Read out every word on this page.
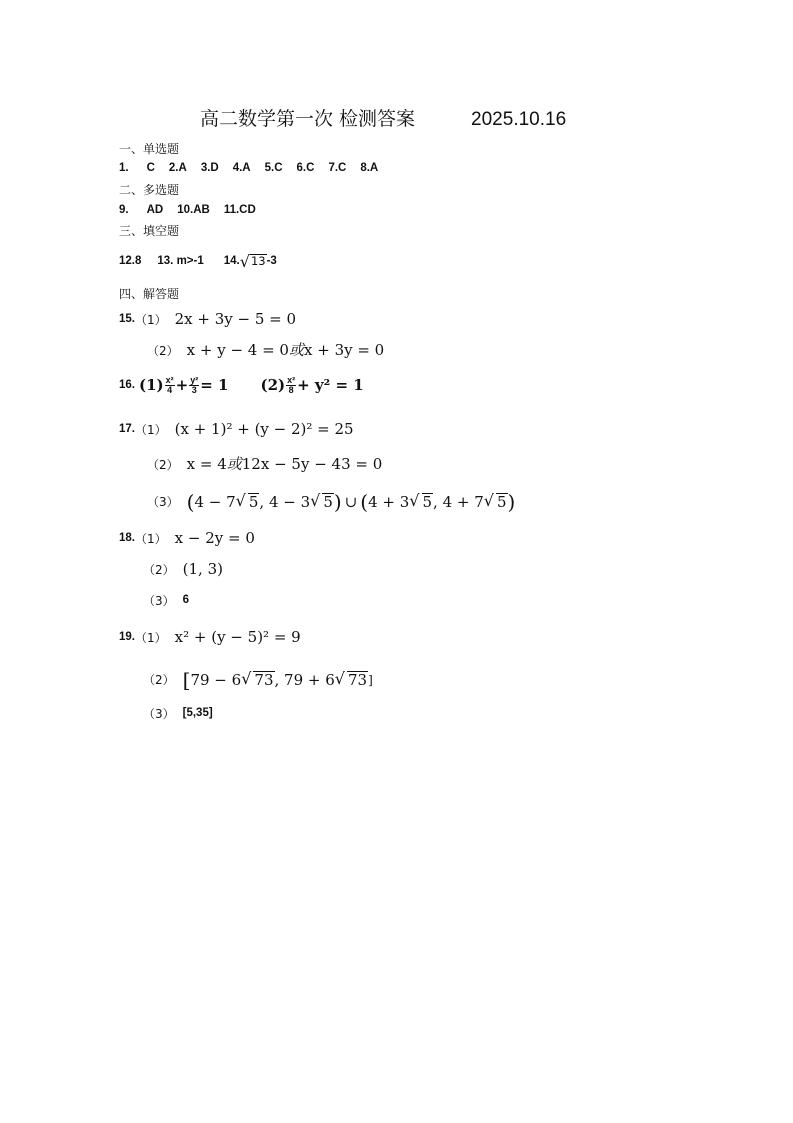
高二数学第一次 检测答案	2025.10.16
一、单选题
1. C 2.A 3.D 4.A 5.C 6.C 7.C 8.A
二、多选题
9. AD 10.AB 11.CD
三、填空题
12.8 13. m>-1 14. √ 13 -3
四、解答题
15. （1） 2x + 3y − 5 = 0
（2） x + y − 4 = 0 或 x + 3y = 0
16. $(1) \frac{\text{x²}}{4} + \frac{\text{y²}}{3} = 1$ $(2) \frac{\text{x²}}{8} + y^2 = 1$
17. （1） (x + 1)² + (y − 2)² = 25
（2） x = 4 或 12x − 5y − 43 = 0
（3） ( 4 − 7 √ 5 , 4 − 3 √ 5 ) ∪ ( 4 + 3 √ 5 , 4 + 7 √ 5 )
18. （1） x − 2y = 0
（2） (1, 3)
（3） 6
19. （1） x² + (y − 5)² = 9
（2） [ 79 − 6 √ 73 , 79 + 6 √ 73 ]
（3） [5,35]
